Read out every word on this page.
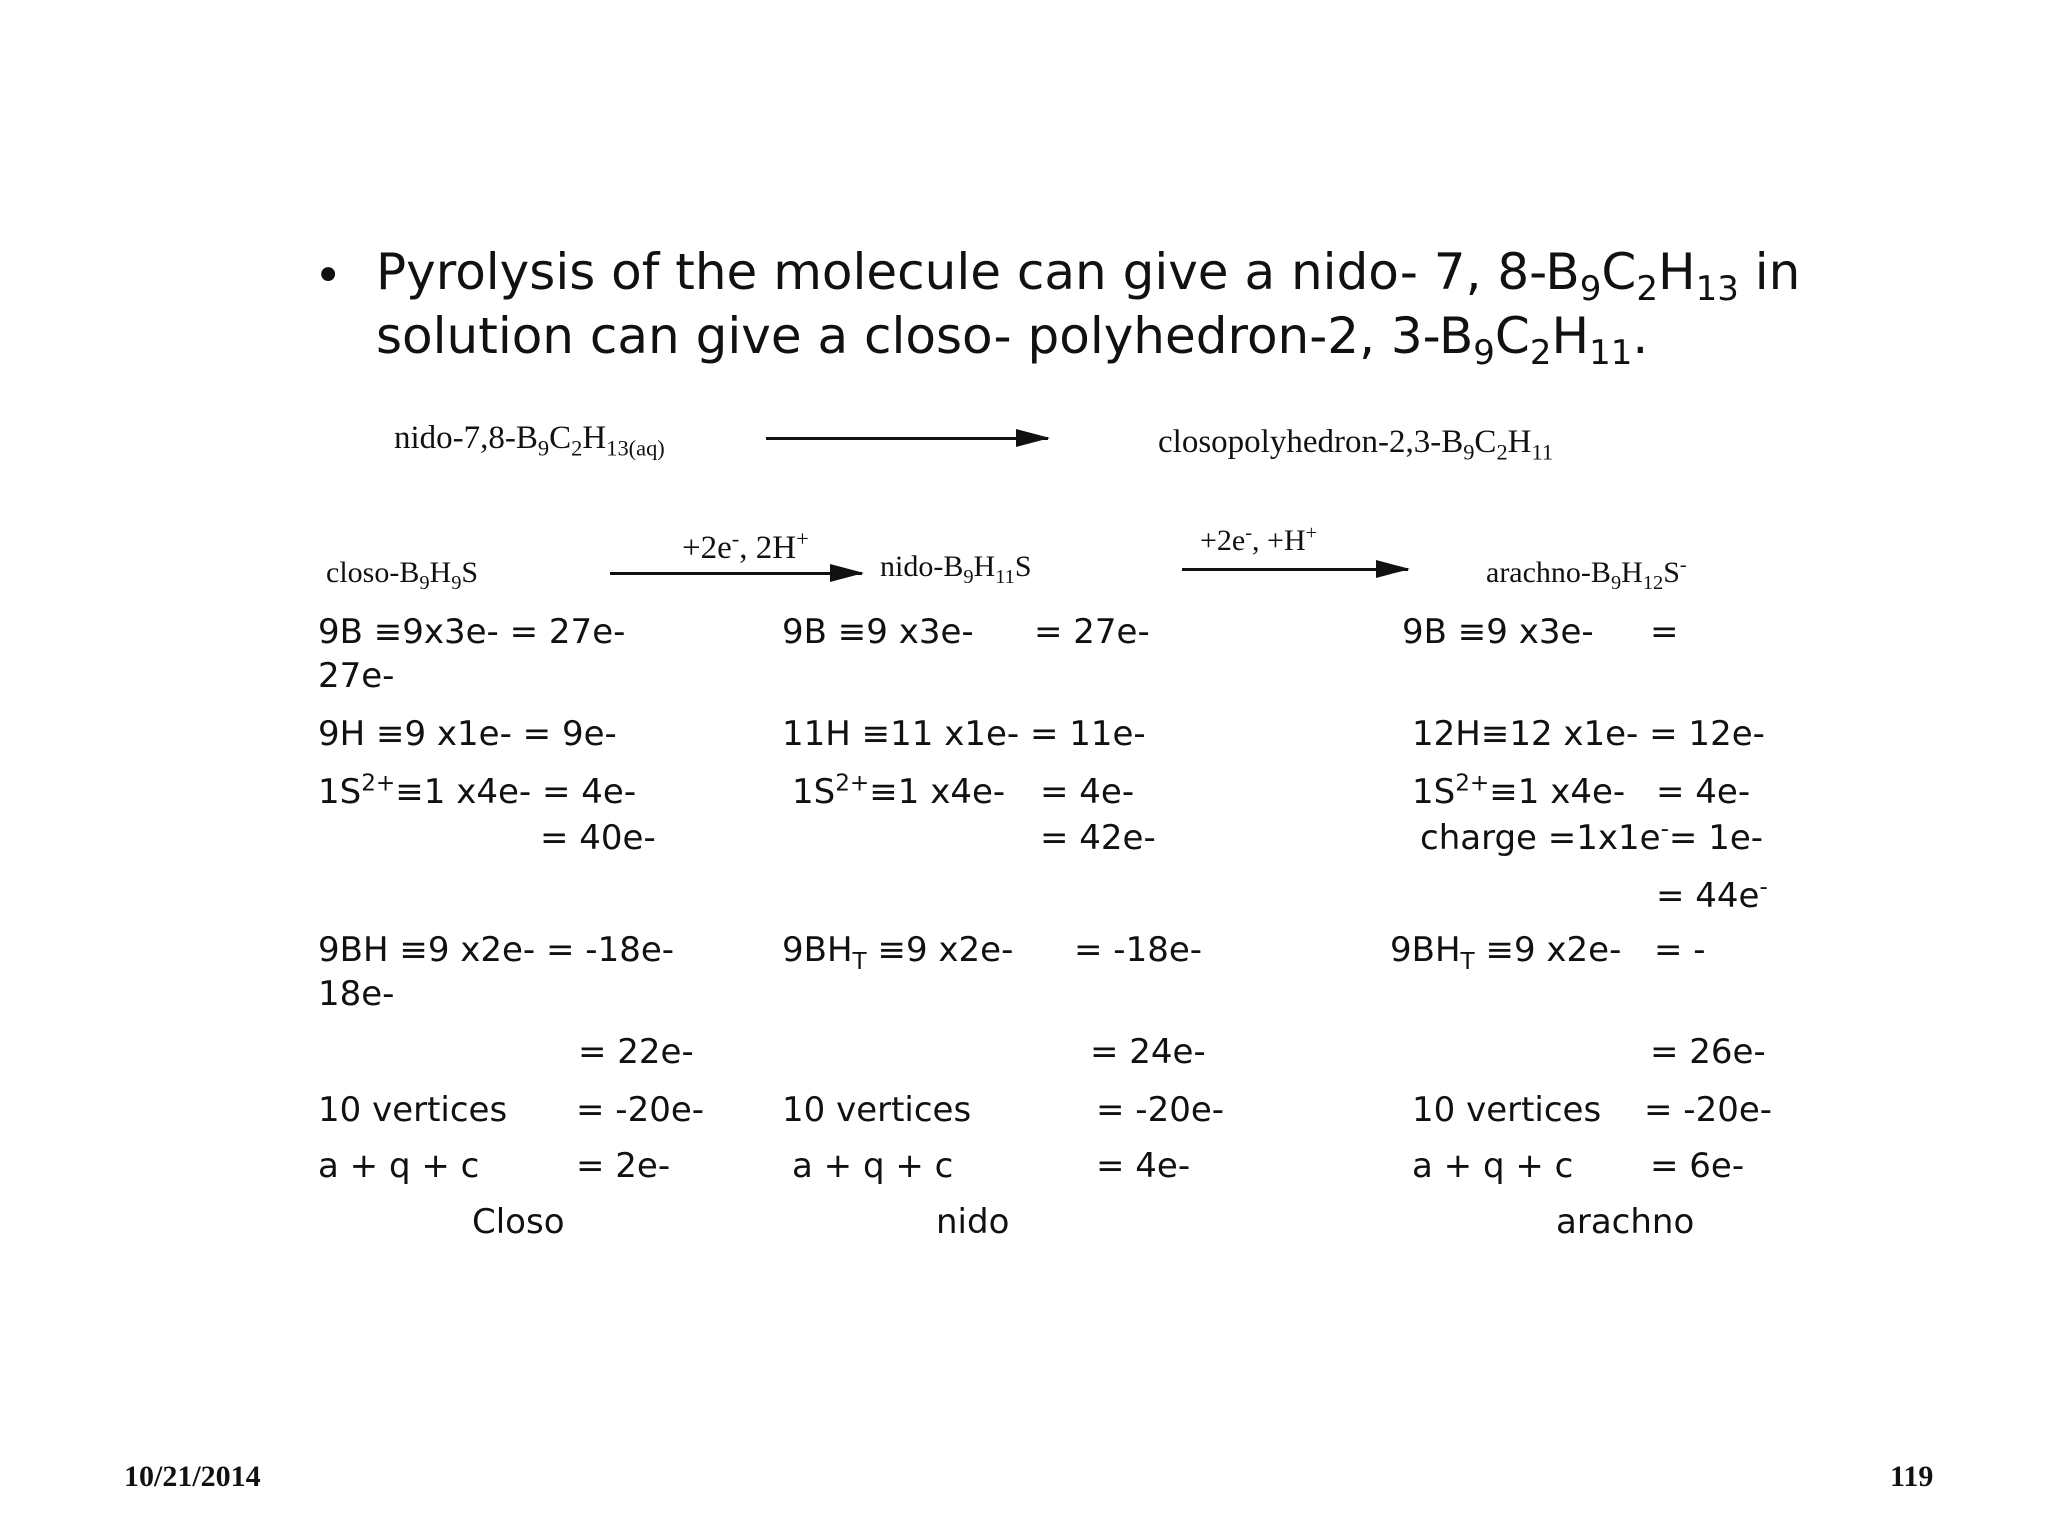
• Pyrolysis of the molecule can give a nido- 7, $8-B_9C_2H_{13}$ in
solution can give a closo- polyhedron-2, $3-B_9C_2H_{11}$.
nido-$7,8-B_9C_2H_{13(aq)}$	closopolyhedron-$2,3-B_9C_2H_{11}$
closo-$B_9H_9S$
+2e-, 2H+
nido-$B_9H_{11}S$
+2e-, +H+
arachno-$B_9H_{12}S^-$
9B ≡9x3e- = 27e-
27e-
9H ≡9 x1e- = 9e-
$1S^{2+}\equiv 1$ x4e- = 4e-
= 40e-
9BH ≡9 x2e- = -18e-
18e-
= 22e-
10 vertices = -20e-
a + q + c	= 2e-
Closo
9B ≡9 x3e- = 27e-
11H ≡11 x1e- = 11e-
$1S^{2+}\equiv 1$ x4e- = 4e-
= 42e-
$9BH_T \equiv 9$ x2e- = -18e-
= 24e-
10 vertices	= -20e-
a + q + c	= 4e-
nido
9B ≡9 x3e- =
12H≡12 x1e- = 12e-
$1S^{2+}\equiv 1$ x4e- = 4e-
charge =1x1e-= 1e-
= 44e-
$9BH_T \equiv 9$ x2e- = -
= 26e-
10 vertices = -20e-
a + q + c = 6e-
arachno
10/21/2014	119
